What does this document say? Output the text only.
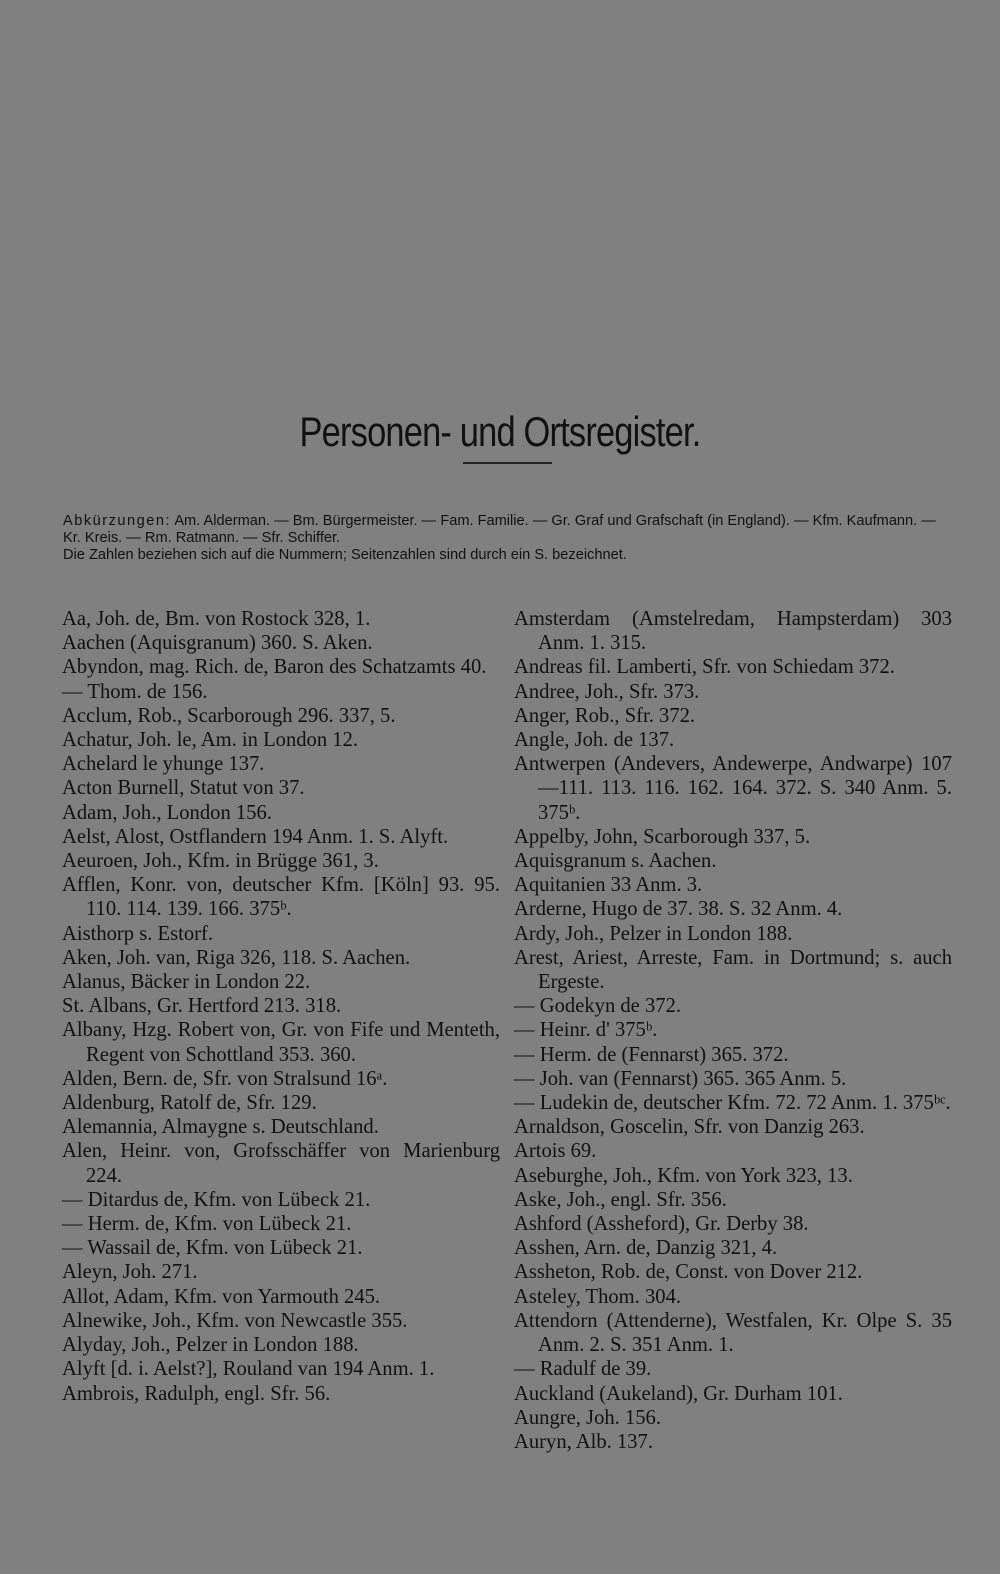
Personen- und Ortsregister.
Abkürzungen: Am. Alderman. — Bm. Bürgermeister. — Fam. Familie. — Gr. Graf und Grafschaft (in England). — Kfm. Kaufmann. — Kr. Kreis. — Rm. Ratmann. — Sfr. Schiffer.
Die Zahlen beziehen sich auf die Nummern; Seitenzahlen sind durch ein S. bezeichnet.
Aa, Joh. de, Bm. von Rostock 328, 1.
Aachen (Aquisgranum) 360. S. Aken.
Abyndon, mag. Rich. de, Baron des Schatzamts 40.
— Thom. de 156.
Acclum, Rob., Scarborough 296. 337, 5.
Achatur, Joh. le, Am. in London 12.
Achelard le yhunge 137.
Acton Burnell, Statut von 37.
Adam, Joh., London 156.
Aelst, Alost, Ostflandern 194 Anm. 1. S. Alyft.
Aeuroen, Joh., Kfm. in Brügge 361, 3.
Afflen, Konr. von, deutscher Kfm. [Köln] 93. 95. 110. 114. 139. 166. 375ᵇ.
Aisthorp s. Estorf.
Aken, Joh. van, Riga 326, 118. S. Aachen.
Alanus, Bäcker in London 22.
St. Albans, Gr. Hertford 213. 318.
Albany, Hzg. Robert von, Gr. von Fife und Menteth, Regent von Schottland 353. 360.
Alden, Bern. de, Sfr. von Stralsund 16ᵃ.
Aldenburg, Ratolf de, Sfr. 129.
Alemannia, Almaygne s. Deutschland.
Alen, Heinr. von, Grofsschäffer von Marienburg 224.
— Ditardus de, Kfm. von Lübeck 21.
— Herm. de, Kfm. von Lübeck 21.
— Wassail de, Kfm. von Lübeck 21.
Aleyn, Joh. 271.
Allot, Adam, Kfm. von Yarmouth 245.
Alnewike, Joh., Kfm. von Newcastle 355.
Alyday, Joh., Pelzer in London 188.
Alyft [d. i. Aelst?], Rouland van 194 Anm. 1.
Ambrois, Radulph, engl. Sfr. 56.
Amsterdam (Amstelredam, Hampsterdam) 303 Anm. 1. 315.
Andreas fil. Lamberti, Sfr. von Schiedam 372.
Andree, Joh., Sfr. 373.
Anger, Rob., Sfr. 372.
Angle, Joh. de 137.
Antwerpen (Andevers, Andewerpe, Andwarpe) 107—111. 113. 116. 162. 164. 372. S. 340 Anm. 5. 375ᵇ.
Appelby, John, Scarborough 337, 5.
Aquisgranum s. Aachen.
Aquitanien 33 Anm. 3.
Arderne, Hugo de 37. 38. S. 32 Anm. 4.
Ardy, Joh., Pelzer in London 188.
Arest, Ariest, Arreste, Fam. in Dortmund; s. auch Ergeste.
— Godekyn de 372.
— Heinr. d' 375ᵇ.
— Herm. de (Fennarst) 365. 372.
— Joh. van (Fennarst) 365. 365 Anm. 5.
— Ludekin de, deutscher Kfm. 72. 72 Anm. 1. 375ᵇᶜ.
Arnaldson, Goscelin, Sfr. von Danzig 263.
Artois 69.
Aseburghe, Joh., Kfm. von York 323, 13.
Aske, Joh., engl. Sfr. 356.
Ashford (Assheford), Gr. Derby 38.
Asshen, Arn. de, Danzig 321, 4.
Assheton, Rob. de, Const. von Dover 212.
Asteley, Thom. 304.
Attendorn (Attenderne), Westfalen, Kr. Olpe S. 35 Anm. 2. S. 351 Anm. 1.
— Radulf de 39.
Auckland (Aukeland), Gr. Durham 101.
Aungre, Joh. 156.
Auryn, Alb. 137.
